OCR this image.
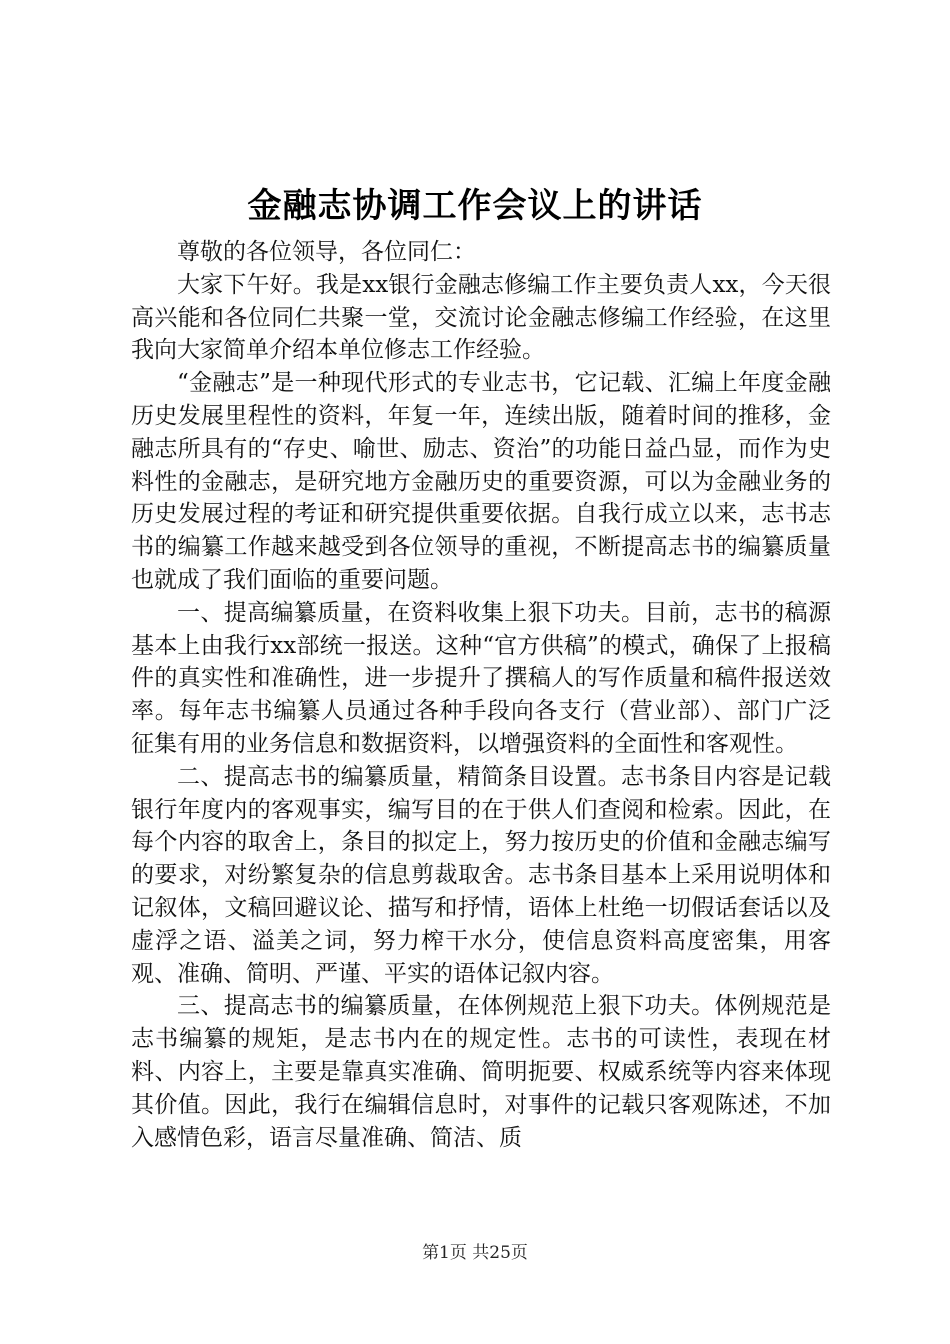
金融志协调工作会议上的讲话

尊敬的各位领导，各位同仁：

大家下午好。我是xx银行金融志修编工作主要负责人xx，今天很高兴能和各位同仁共聚一堂，交流讨论金融志修编工作经验，在这里我向大家简单介绍本单位修志工作经验。

“金融志”是一种现代形式的专业志书，它记载、汇编上年度金融历史发展里程性的资料，年复一年，连续出版，随着时间的推移，金融志所具有的“存史、喻世、励志、资治”的功能日益凸显，而作为史料性的金融志，是研究地方金融历史的重要资源，可以为金融业务的历史发展过程的考证和研究提供重要依据。自我行成立以来，志书志书的编纂工作越来越受到各位领导的重视，不断提高志书的编纂质量也就成了我们面临的重要问题。

一、提高编纂质量，在资料收集上狠下功夫。目前，志书的稿源基本上由我行xx部统一报送。这种“官方供稿”的模式，确保了上报稿件的真实性和准确性，进一步提升了撰稿人的写作质量和稿件报送效率。每年志书编纂人员通过各种手段向各支行（营业部）、部门广泛征集有用的业务信息和数据资料，以增强资料的全面性和客观性。

二、提高志书的编纂质量，精简条目设置。志书条目内容是记载银行年度内的客观事实，编写目的在于供人们查阅和检索。因此，在每个内容的取舍上，条目的拟定上，努力按历史的价值和金融志编写的要求，对纷繁复杂的信息剪裁取舍。志书条目基本上采用说明体和记叙体，文稿回避议论、描写和抒情，语体上杜绝一切假话套话以及虚浮之语、溢美之词，努力榨干水分，使信息资料高度密集，用客观、准确、简明、严谨、平实的语体记叙内容。

三、提高志书的编纂质量，在体例规范上狠下功夫。体例规范是志书编纂的规矩，是志书内在的规定性。志书的可读性，表现在材料、内容上，主要是靠真实准确、简明扼要、权威系统等内容来体现其价值。因此，我行在编辑信息时，对事件的记载只客观陈述，不加入感情色彩，语言尽量准确、简洁、质

第1页 共25页
